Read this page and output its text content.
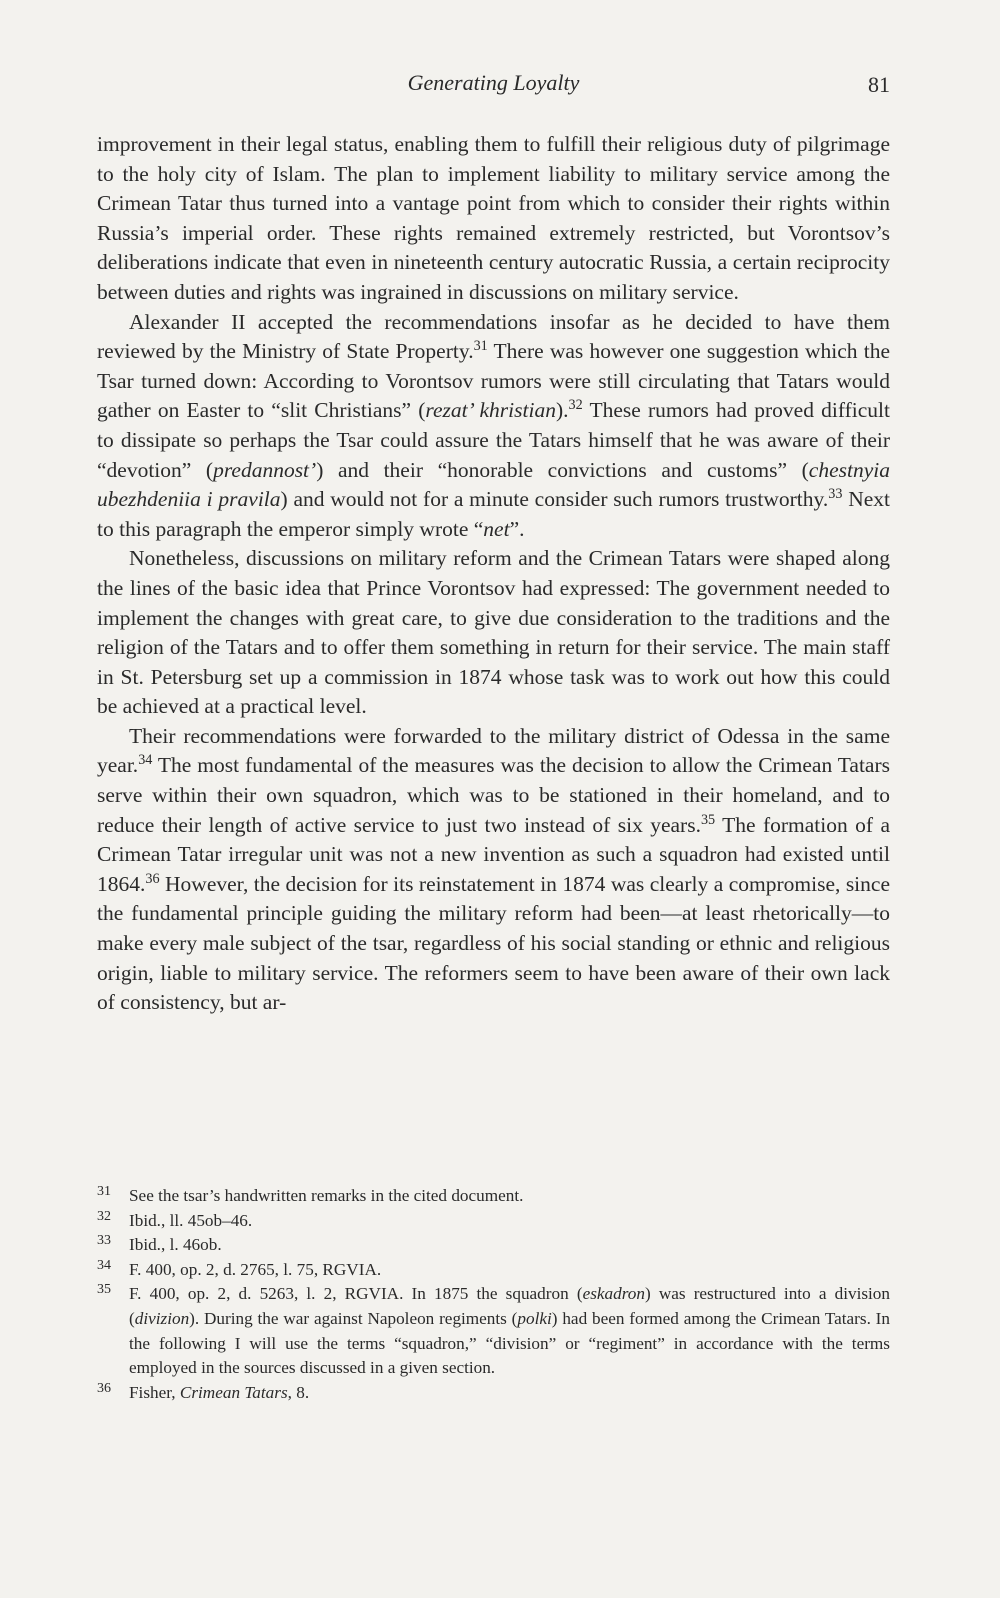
Generating Loyalty	81

improvement in their legal status, enabling them to fulfill their religious duty of pilgrimage to the holy city of Islam. The plan to implement liability to military service among the Crimean Tatar thus turned into a vantage point from which to consider their rights within Russia’s imperial order. These rights remained extremely restricted, but Vorontsov’s deliberations indicate that even in nineteenth century autocratic Russia, a certain reciprocity between duties and rights was ingrained in discussions on military service.

Alexander II accepted the recommendations insofar as he decided to have them reviewed by the Ministry of State Property.$^{31}$ There was however one suggestion which the Tsar turned down: According to Vorontsov rumors were still circulating that Tatars would gather on Easter to “slit Christians” (rezat’ khristian).$^{32}$ These rumors had proved difficult to dissipate so perhaps the Tsar could assure the Tatars himself that he was aware of their “devotion” (predannost’) and their “honorable convictions and customs” (chestnyia ubezhdeniia i pravila) and would not for a minute consider such rumors trustworthy.$^{33}$ Next to this paragraph the emperor simply wrote “net”.

Nonetheless, discussions on military reform and the Crimean Tatars were shaped along the lines of the basic idea that Prince Vorontsov had expressed: The government needed to implement the changes with great care, to give due consideration to the traditions and the religion of the Tatars and to offer them something in return for their service. The main staff in St. Petersburg set up a commission in 1874 whose task was to work out how this could be achieved at a practical level.

Their recommendations were forwarded to the military district of Odessa in the same year.$^{34}$ The most fundamental of the measures was the decision to allow the Crimean Tatars serve within their own squadron, which was to be stationed in their homeland, and to reduce their length of active service to just two instead of six years.$^{35}$ The formation of a Crimean Tatar irregular unit was not a new invention as such a squadron had existed until 1864.36 However, the decision for its reinstatement in 1874 was clearly a compromise, since the fundamental principle guiding the military reform had been—at least rhetorically—to make every male subject of the tsar, regardless of his social standing or ethnic and religious origin, liable to military service. The reformers seem to have been aware of their own lack of consistency, but ar-

31 See the tsar’s handwritten remarks in the cited document.
32 Ibid., ll. 45ob–46.
33 Ibid., l. 46ob.
34 F. 400, op. 2, d. 2765, l. 75, RGVIA.
35 F. 400, op. 2, d. 5263, l. 2, RGVIA. In 1875 the squadron (eskadron) was restructured into a division (divizion). During the war against Napoleon regiments (polki) had been formed among the Crimean Tatars. In the following I will use the terms “squadron,” “division” or “regiment” in accordance with the terms employed in the sources discussed in a given section.
36 Fisher, Crimean Tatars, 8.
